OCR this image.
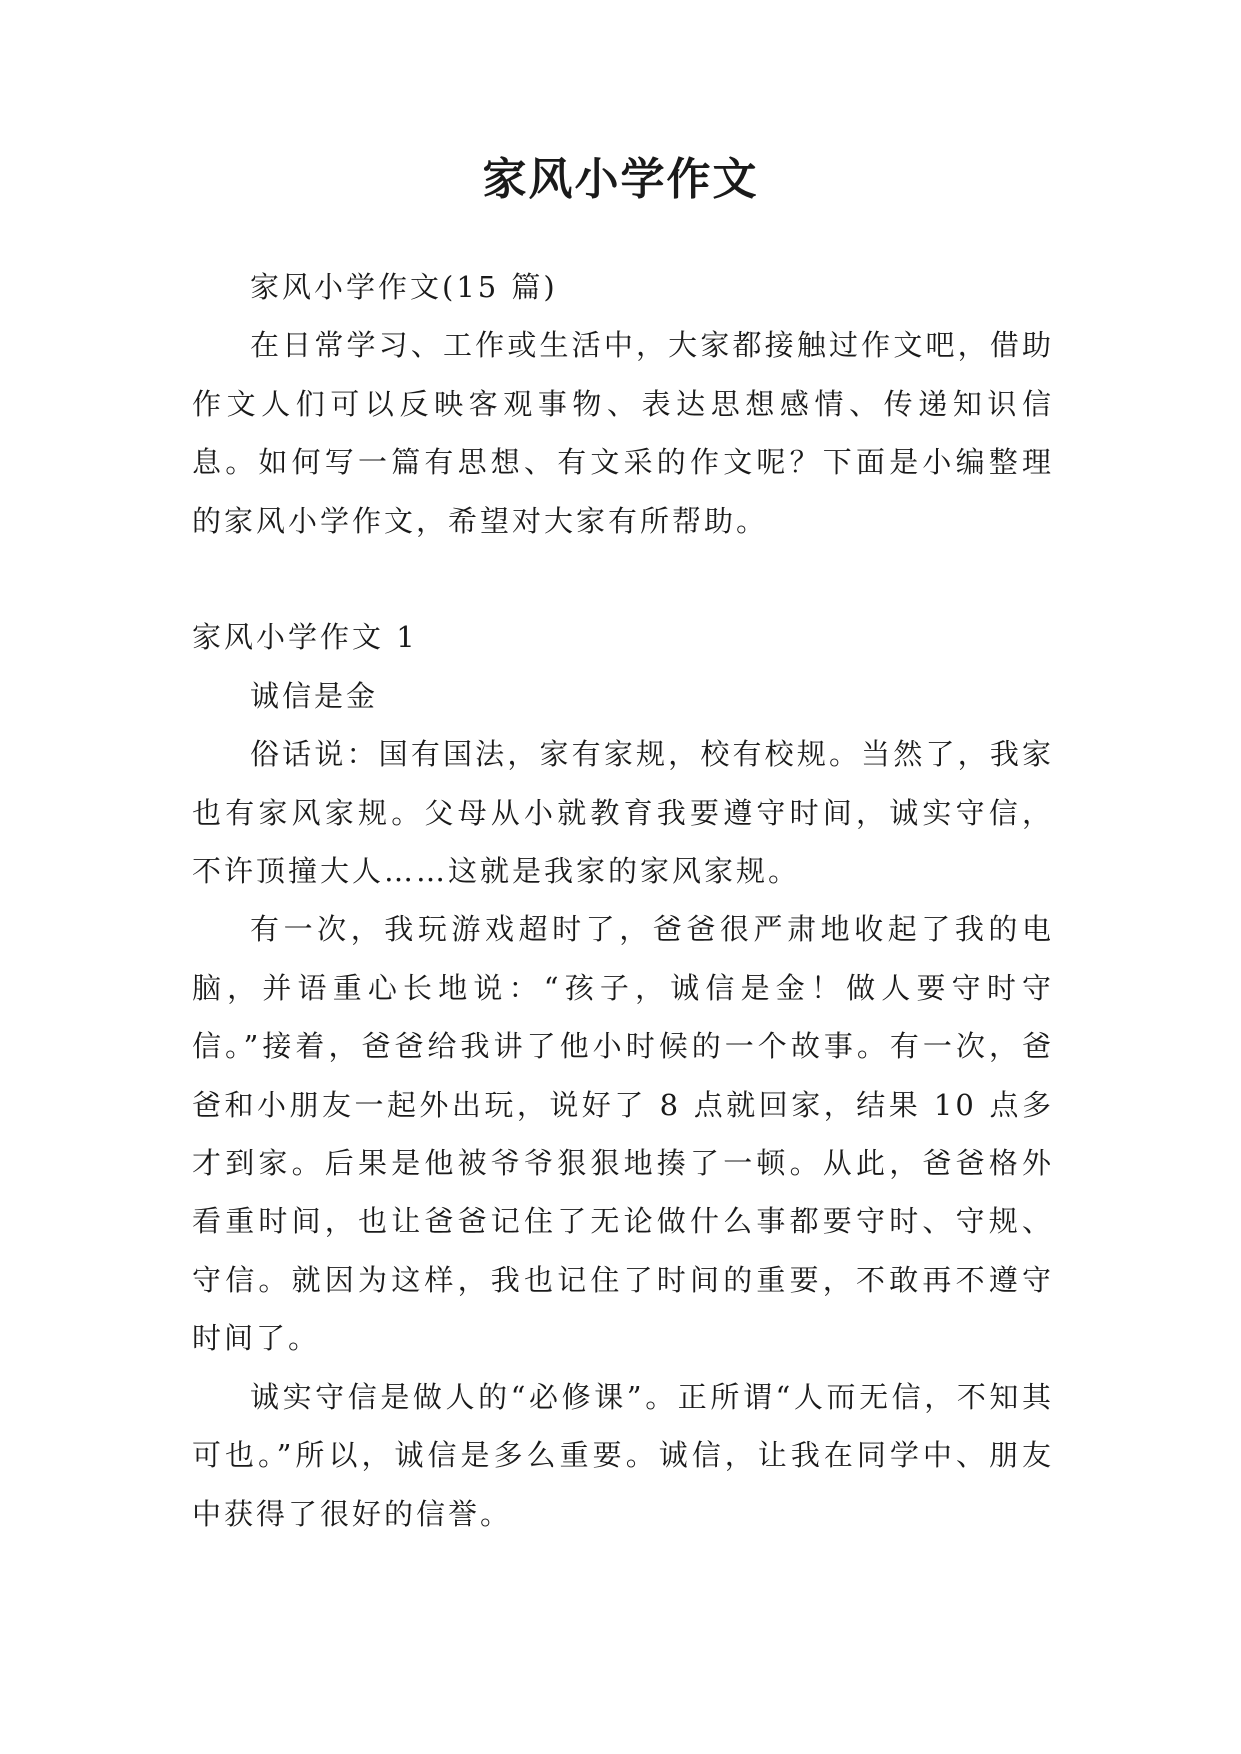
家风小学作文

家风小学作文(15 篇)

在日常学习、工作或生活中，大家都接触过作文吧，借助作文人们可以反映客观事物、表达思想感情、传递知识信息。如何写一篇有思想、有文采的作文呢？下面是小编整理的家风小学作文，希望对大家有所帮助。

家风小学作文 1

诚信是金

俗话说：国有国法，家有家规，校有校规。当然了，我家也有家风家规。父母从小就教育我要遵守时间，诚实守信，不许顶撞大人……这就是我家的家风家规。

有一次，我玩游戏超时了，爸爸很严肃地收起了我的电脑，并语重心长地说：“孩子，诚信是金！做人要守时守信。”接着，爸爸给我讲了他小时候的一个故事。有一次，爸爸和小朋友一起外出玩，说好了 8 点就回家，结果 10 点多才到家。后果是他被爷爷狠狠地揍了一顿。从此，爸爸格外看重时间，也让爸爸记住了无论做什么事都要守时、守规、守信。就因为这样，我也记住了时间的重要，不敢再不遵守时间了。

诚实守信是做人的“必修课”。正所谓“人而无信，不知其可也。”所以，诚信是多么重要。诚信，让我在同学中、朋友中获得了很好的信誉。
